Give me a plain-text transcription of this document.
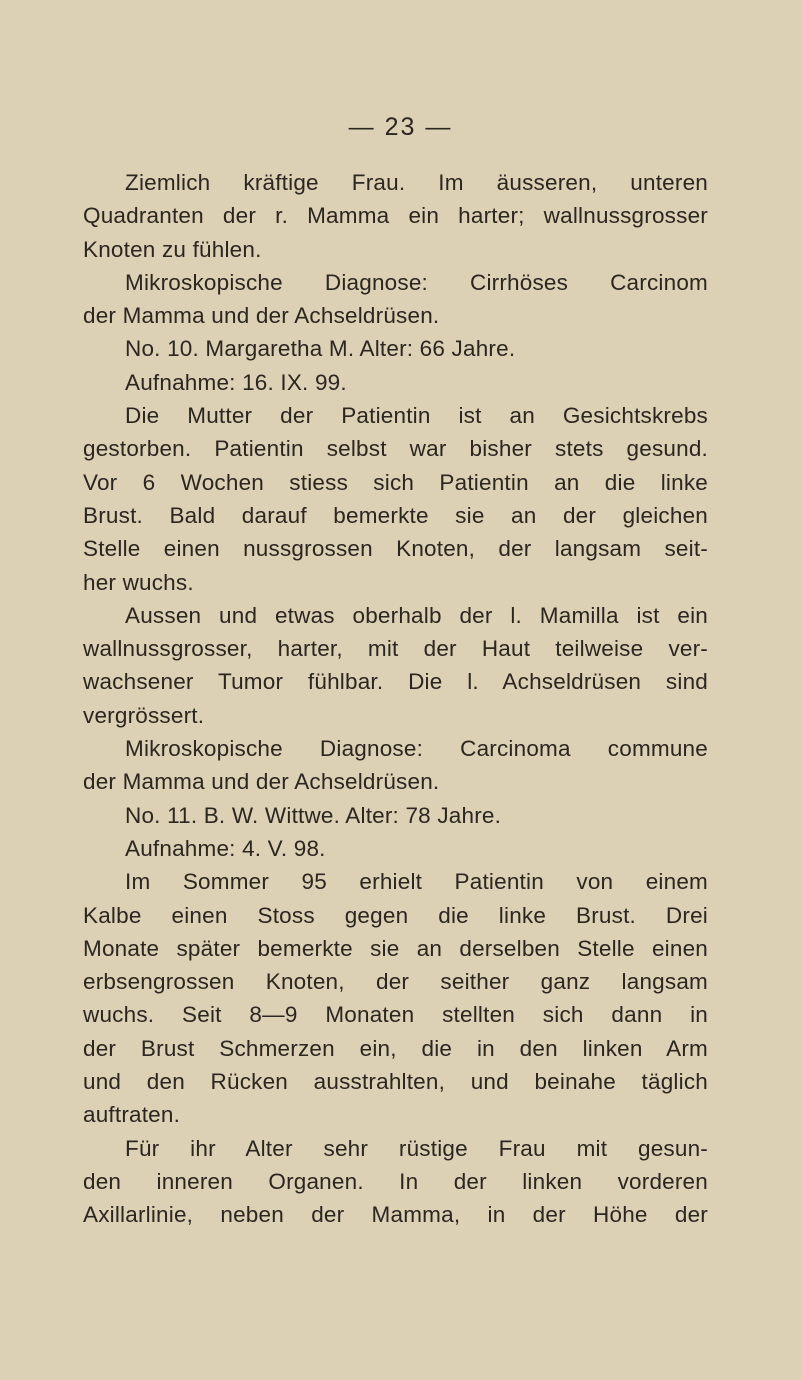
— 23 —
Ziemlich kräftige Frau. Im äusseren, unteren
Quadranten der r. Mamma ein harter; wallnussgrosser
Knoten zu fühlen.
Mikroskopische Diagnose: Cirrhöses Carcinom
der Mamma und der Achseldrüsen.
No. 10. Margaretha M. Alter: 66 Jahre.
Aufnahme: 16. IX. 99.
Die Mutter der Patientin ist an Gesichtskrebs
gestorben. Patientin selbst war bisher stets gesund.
Vor 6 Wochen stiess sich Patientin an die linke
Brust. Bald darauf bemerkte sie an der gleichen
Stelle einen nussgrossen Knoten, der langsam seit-
her wuchs.
Aussen und etwas oberhalb der l. Mamilla ist ein
wallnussgrosser, harter, mit der Haut teilweise ver-
wachsener Tumor fühlbar. Die l. Achseldrüsen sind
vergrössert.
Mikroskopische Diagnose: Carcinoma commune
der Mamma und der Achseldrüsen.
No. 11. B. W. Wittwe. Alter: 78 Jahre.
Aufnahme: 4. V. 98.
Im Sommer 95 erhielt Patientin von einem
Kalbe einen Stoss gegen die linke Brust. Drei
Monate später bemerkte sie an derselben Stelle einen
erbsengrossen Knoten, der seither ganz langsam
wuchs. Seit 8—9 Monaten stellten sich dann in
der Brust Schmerzen ein, die in den linken Arm
und den Rücken ausstrahlten, und beinahe täglich
auftraten.
Für ihr Alter sehr rüstige Frau mit gesun-
den inneren Organen. In der linken vorderen
Axillarlinie, neben der Mamma, in der Höhe der
